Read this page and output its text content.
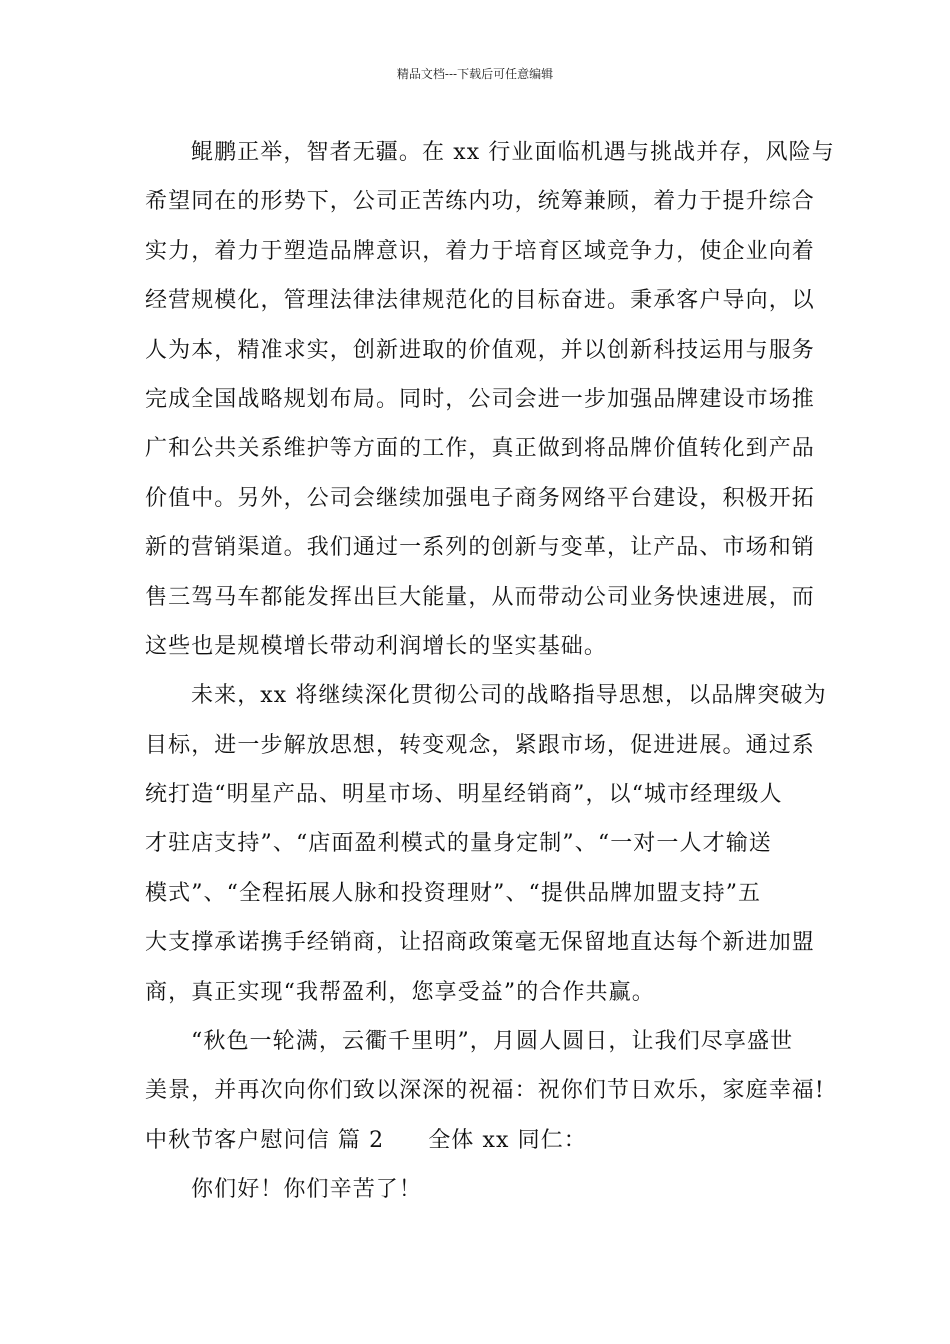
精品文档---下载后可任意编辑
鲲鹏正举，智者无疆。在 xx 行业面临机遇与挑战并存，风险与
希望同在的形势下，公司正苦练内功，统筹兼顾，着力于提升综合
实力，着力于塑造品牌意识，着力于培育区域竞争力，使企业向着
经营规模化，管理法律法律规范化的目标奋进。秉承客户导向，以
人为本，精准求实，创新进取的价值观，并以创新科技运用与服务
完成全国战略规划布局。同时，公司会进一步加强品牌建设市场推
广和公共关系维护等方面的工作，真正做到将品牌价值转化到产品
价值中。另外，公司会继续加强电子商务网络平台建设，积极开拓
新的营销渠道。我们通过一系列的创新与变革，让产品、市场和销
售三驾马车都能发挥出巨大能量，从而带动公司业务快速进展，而
这些也是规模增长带动利润增长的坚实基础。
未来，xx 将继续深化贯彻公司的战略指导思想，以品牌突破为
目标，进一步解放思想，转变观念，紧跟市场，促进进展。通过系
统打造“明星产品、明星市场、明星经销商”，以“城市经理级人
才驻店支持”、“店面盈利模式的量身定制”、“一对一人才输送
模式”、“全程拓展人脉和投资理财”、“提供品牌加盟支持”五
大支撑承诺携手经销商，让招商政策毫无保留地直达每个新进加盟
商，真正实现“我帮盈利，您享受益”的合作共赢。
“秋色一轮满，云衢千里明”，月圆人圆日，让我们尽享盛世
美景，并再次向你们致以深深的祝福：祝你们节日欢乐，家庭幸福!
中秋节客户慰问信 篇 2 全体 xx 同仁：
你们好！你们辛苦了！
